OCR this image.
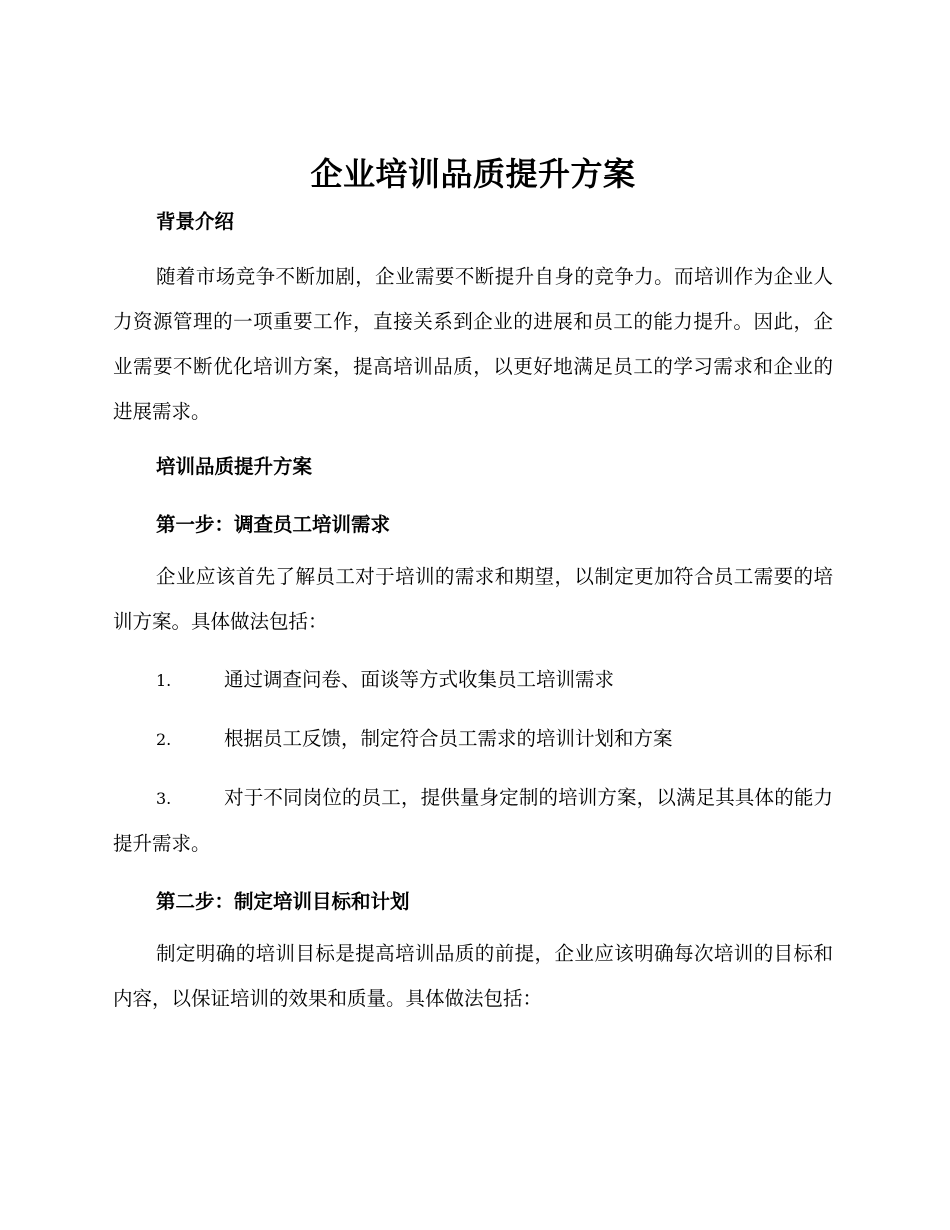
企业培训品质提升方案
背景介绍

随着市场竞争不断加剧，企业需要不断提升自身的竞争力。而培训作为企业人力资源管理的一项重要工作，直接关系到企业的进展和员工的能力提升。因此，企业需要不断优化培训方案，提高培训品质，以更好地满足员工的学习需求和企业的进展需求。

培训品质提升方案
第一步：调查员工培训需求

企业应该首先了解员工对于培训的需求和期望，以制定更加符合员工需要的培训方案。具体做法包括：

1.	通过调查问卷、面谈等方式收集员工培训需求

2.	根据员工反馈，制定符合员工需求的培训计划和方案

3.	对于不同岗位的员工，提供量身定制的培训方案，以满足其具体的能力提升需求。

第二步：制定培训目标和计划

制定明确的培训目标是提高培训品质的前提，企业应该明确每次培训的目标和内容，以保证培训的效果和质量。具体做法包括：
